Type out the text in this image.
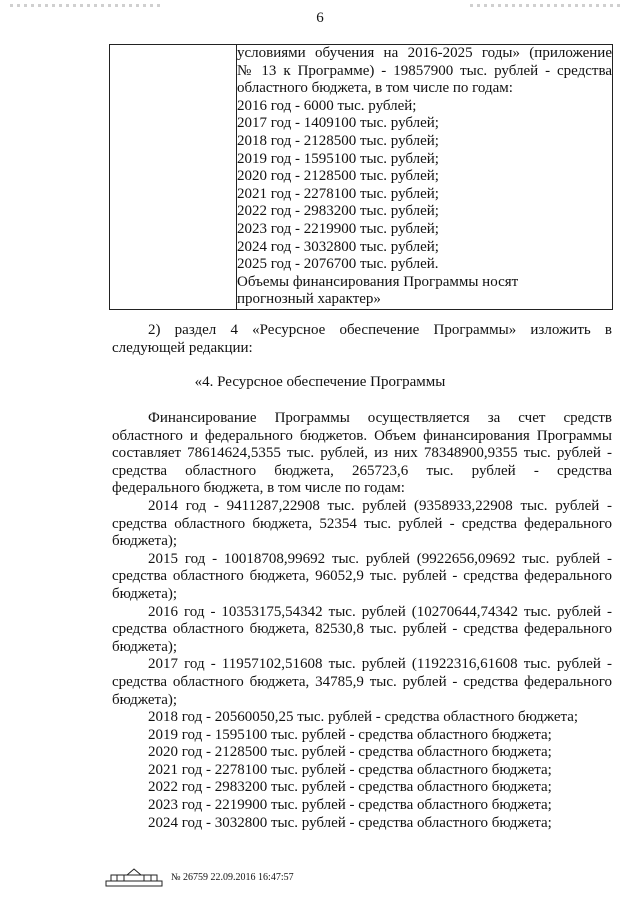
6

условиями обучения на 2016-2025 годы» (приложение
№ 13 к Программе) - 19857900 тыс. рублей - средства
областного бюджета, в том числе по годам:
2016 год - 6000 тыс. рублей;
2017 год - 1409100 тыс. рублей;
2018 год - 2128500 тыс. рублей;
2019 год - 1595100 тыс. рублей;
2020 год - 2128500 тыс. рублей;
2021 год - 2278100 тыс. рублей;
2022 год - 2983200 тыс. рублей;
2023 год - 2219900 тыс. рублей;
2024 год - 3032800 тыс. рублей;
2025 год - 2076700 тыс. рублей.
Объемы финансирования Программы носят
прогнозный характер»
2) раздел 4 «Ресурсное обеспечение Программы» изложить в
следующей редакции:
«4. Ресурсное обеспечение Программы
Финансирование Программы осуществляется за счет средств
областного и федерального бюджетов. Объем финансирования Программы
составляет 78614624,5355 тыс. рублей, из них 78348900,9355 тыс. рублей -
средства областного бюджета, 265723,6 тыс. рублей - средства
федерального бюджета, в том числе по годам:
2014 год - 9411287,22908 тыс. рублей (9358933,22908 тыс. рублей -
средства областного бюджета, 52354 тыс. рублей - средства федерального
бюджета);
2015 год - 10018708,99692 тыс. рублей (9922656,09692 тыс. рублей -
средства областного бюджета, 96052,9 тыс. рублей - средства федерального
бюджета);
2016 год - 10353175,54342 тыс. рублей (10270644,74342 тыс. рублей -
средства областного бюджета, 82530,8 тыс. рублей - средства федерального
бюджета);
2017 год - 11957102,51608 тыс. рублей (11922316,61608 тыс. рублей -
средства областного бюджета, 34785,9 тыс. рублей - средства федерального
бюджета);
2018 год - 20560050,25 тыс. рублей - средства областного бюджета;
2019 год - 1595100 тыс. рублей - средства областного бюджета;
2020 год - 2128500 тыс. рублей - средства областного бюджета;
2021 год - 2278100 тыс. рублей - средства областного бюджета;
2022 год - 2983200 тыс. рублей - средства областного бюджета;
2023 год - 2219900 тыс. рублей - средства областного бюджета;
2024 год - 3032800 тыс. рублей - средства областного бюджета;
№ 26759 22.09.2016 16:47:57
